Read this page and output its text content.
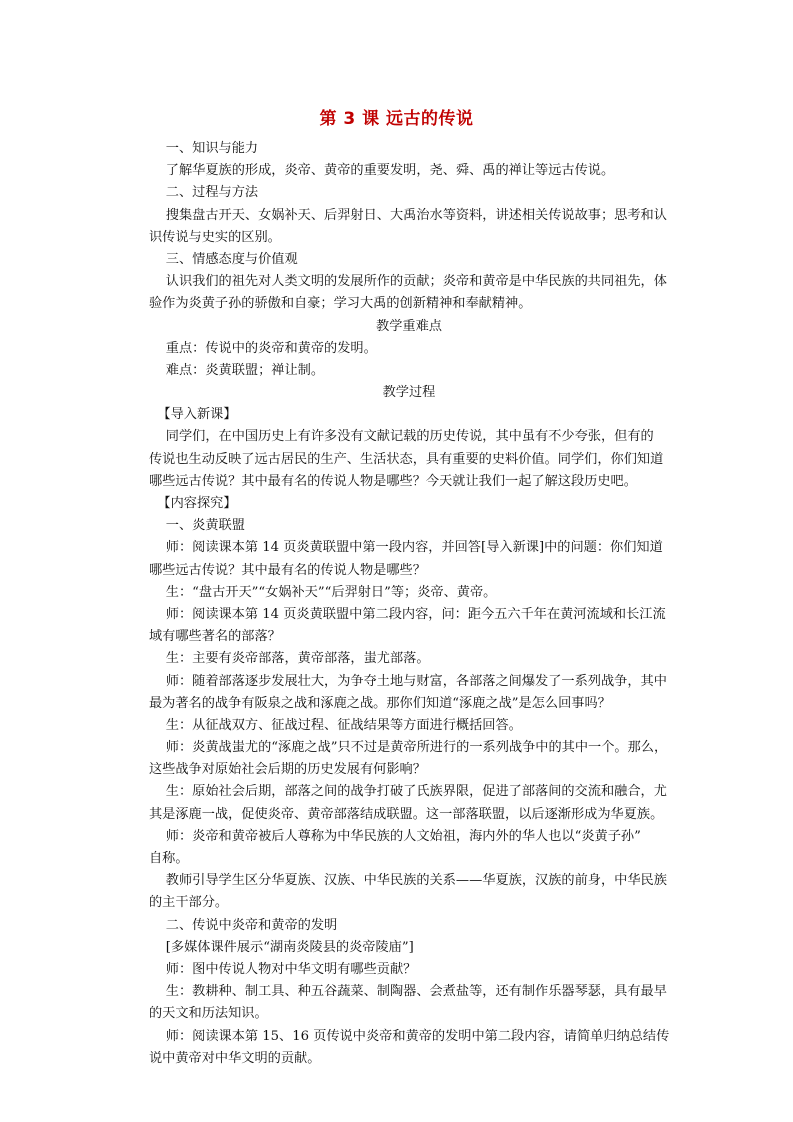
第 3 课 远古的传说
一、知识与能力
了解华夏族的形成，炎帝、黄帝的重要发明，尧、舜、禹的禅让等远古传说。
二、过程与方法
搜集盘古开天、女娲补天、后羿射日、大禹治水等资料，讲述相关传说故事；思考和认
识传说与史实的区别。
三、情感态度与价值观
认识我们的祖先对人类文明的发展所作的贡献；炎帝和黄帝是中华民族的共同祖先，体
验作为炎黄子孙的骄傲和自豪；学习大禹的创新精神和奉献精神。
教学重难点
重点：传说中的炎帝和黄帝的发明。
难点：炎黄联盟；禅让制。
教学过程
【导入新课】
同学们，在中国历史上有许多没有文献记载的历史传说，其中虽有不少夸张，但有的
传说也生动反映了远古居民的生产、生活状态，具有重要的史料价值。同学们，你们知道
哪些远古传说？其中最有名的传说人物是哪些？今天就让我们一起了解这段历史吧。
【内容探究】
一、炎黄联盟
师：阅读课本第 14 页炎黄联盟中第一段内容，并回答[导入新课]中的问题：你们知道
哪些远古传说？其中最有名的传说人物是哪些？
生：“盘古开天”“女娲补天”“后羿射日”等；炎帝、黄帝。
师：阅读课本第 14 页炎黄联盟中第二段内容，问：距今五六千年在黄河流域和长江流
域有哪些著名的部落？
生：主要有炎帝部落，黄帝部落，蚩尤部落。
师：随着部落逐步发展壮大，为争夺土地与财富，各部落之间爆发了一系列战争，其中
最为著名的战争有阪泉之战和涿鹿之战。那你们知道“涿鹿之战”是怎么回事吗？
生：从征战双方、征战过程、征战结果等方面进行概括回答。
师：炎黄战蚩尤的“涿鹿之战”只不过是黄帝所进行的一系列战争中的其中一个。那么，
这些战争对原始社会后期的历史发展有何影响？
生：原始社会后期，部落之间的战争打破了氏族界限，促进了部落间的交流和融合，尤
其是涿鹿一战，促使炎帝、黄帝部落结成联盟。这一部落联盟，以后逐渐形成为华夏族。
师：炎帝和黄帝被后人尊称为中华民族的人文始祖，海内外的华人也以“炎黄子孙”
自称。
教师引导学生区分华夏族、汉族、中华民族的关系——华夏族，汉族的前身，中华民族
的主干部分。
二、传说中炎帝和黄帝的发明
[多媒体课件展示“湖南炎陵县的炎帝陵庙”]
师：图中传说人物对中华文明有哪些贡献？
生：教耕种、制工具、种五谷蔬菜、制陶器、会煮盐等，还有制作乐器琴瑟，具有最早
的天文和历法知识。
师：阅读课本第 15、16 页传说中炎帝和黄帝的发明中第二段内容，请简单归纳总结传
说中黄帝对中华文明的贡献。
